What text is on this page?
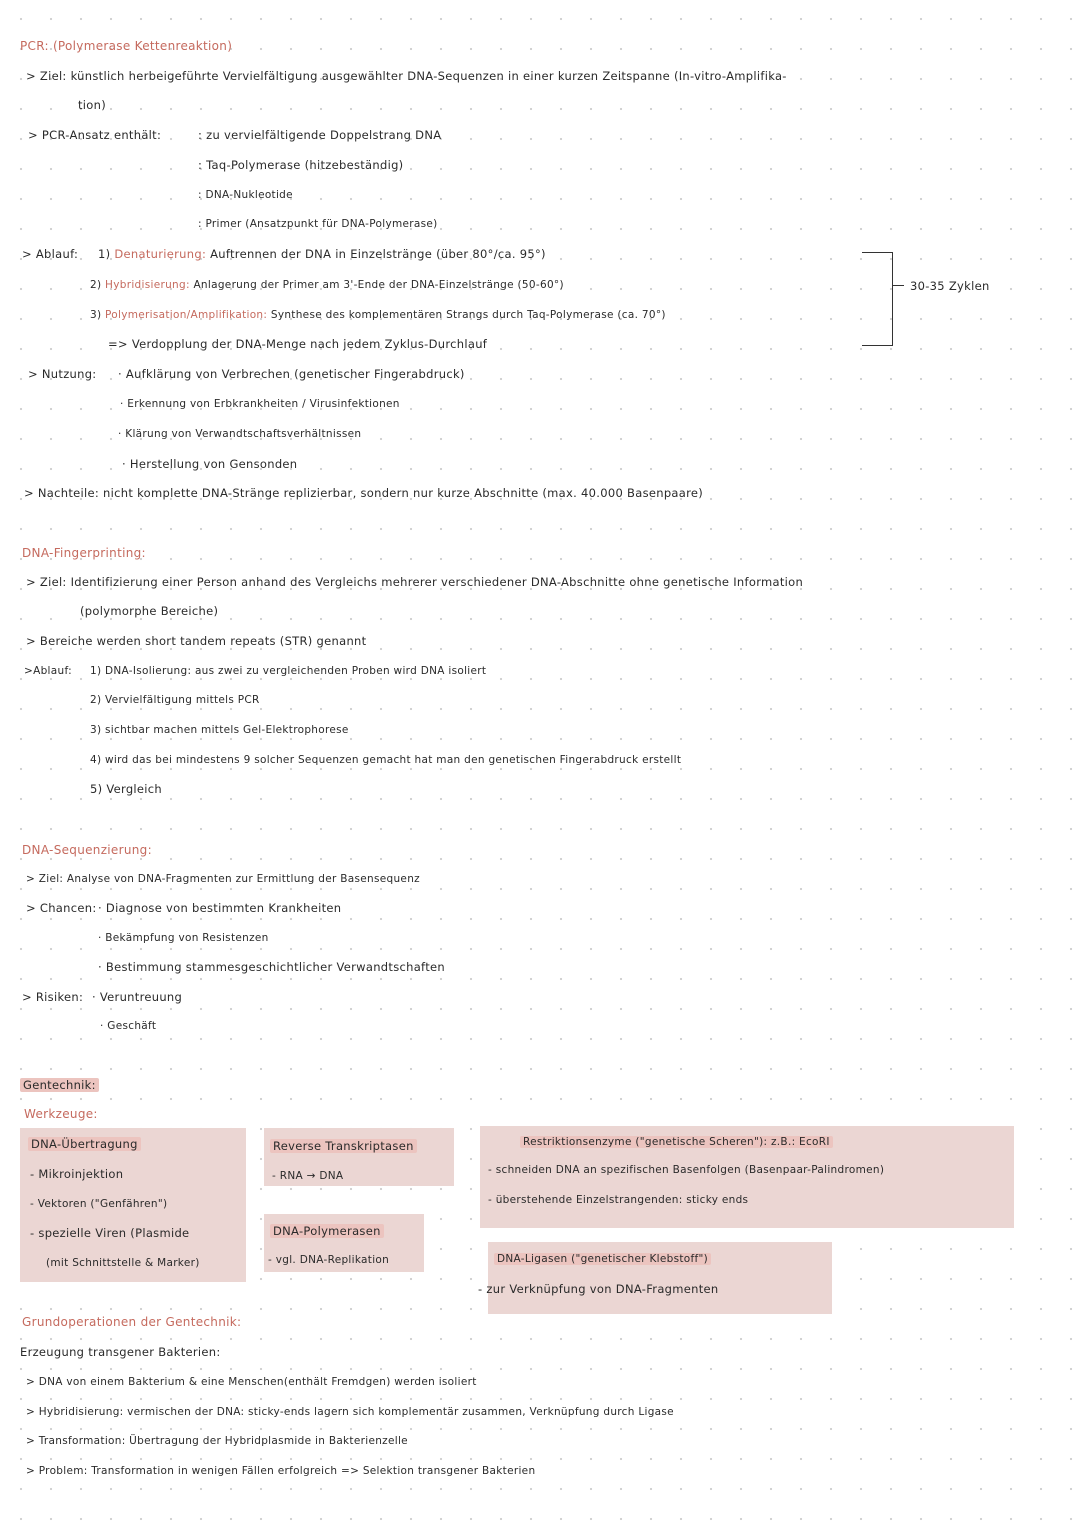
PCR: (Polymerase Kettenreaktion)
> Ziel: künstlich herbeigeführte Vervielfältigung ausgewählter DNA-Sequenzen in einer kurzen Zeitspanne (In-vitro-Amplifika-
tion)
> PCR-Ansatz enthält:	: zu vervielfältigende Doppelstrang DNA
: Taq-Polymerase (hitzebeständig)
: DNA-Nukleotide
: Primer (Ansatzpunkt für DNA-Polymerase)
> Ablauf: 1) Denaturierung: Auftrennen der DNA in Einzelstränge (über 80°/ca. 95°)
2) Hybridisierung: Anlagerung der Primer am 3'-Ende der DNA-Einzelstränge (50-60°)
3) Polymerisation/Amplifikation: Synthese des komplementären Strangs durch Taq-Polymerase (ca. 70°)
=> Verdopplung der DNA-Menge nach jedem Zyklus-Durchlauf
30-35 Zyklen
> Nutzung: · Aufklärung von Verbrechen (genetischer Fingerabdruck)
· Erkennung von Erbkrankheiten / Virusinfektionen
· Klärung von Verwandtschaftsverhältnissen
· Herstellung von Gensonden
> Nachteile: nicht komplette DNA-Stränge replizierbar, sondern nur kurze Abschnitte (max. 40.000 Basenpaare)
DNA-Fingerprinting:
> Ziel: Identifizierung einer Person anhand des Vergleichs mehrerer verschiedener DNA-Abschnitte ohne genetische Information
(polymorphe Bereiche)
> Bereiche werden short tandem repeats (STR) genannt
>Ablauf: 1) DNA-Isolierung: aus zwei zu vergleichenden Proben wird DNA isoliert
2) Vervielfältigung mittels PCR
3) sichtbar machen mittels Gel-Elektrophorese
4) wird das bei mindestens 9 solcher Sequenzen gemacht hat man den genetischen Fingerabdruck erstellt
5) Vergleich
DNA-Sequenzierung:
> Ziel: Analyse von DNA-Fragmenten zur Ermittlung der Basensequenz
> Chancen: · Diagnose von bestimmten Krankheiten
· Bekämpfung von Resistenzen
· Bestimmung stammesgeschichtlicher Verwandtschaften
> Risiken: · Veruntreuung
· Geschäft
Gentechnik:
Werkzeuge:
DNA-Übertragung
- Mikroinjektion
- Vektoren ("Genfähren")
- spezielle Viren (Plasmide
(mit Schnittstelle & Marker)
Reverse Transkriptasen
- RNA → DNA
DNA-Polymerasen
- vgl. DNA-Replikation
Restriktionsenzyme ("genetische Scheren"): z.B.: EcoRI
- schneiden DNA an spezifischen Basenfolgen (Basenpaar-Palindromen)
- überstehende Einzelstrangenden: sticky ends
DNA-Ligasen ("genetischer Klebstoff")
- zur Verknüpfung von DNA-Fragmenten
Grundoperationen der Gentechnik:
Erzeugung transgener Bakterien:
> DNA von einem Bakterium & eine Menschen(enthält Fremdgen) werden isoliert
> Hybridisierung: vermischen der DNA: sticky-ends lagern sich komplementär zusammen, Verknüpfung durch Ligase
> Transformation: Übertragung der Hybridplasmide in Bakterienzelle
> Problem: Transformation in wenigen Fällen erfolgreich => Selektion transgener Bakterien
